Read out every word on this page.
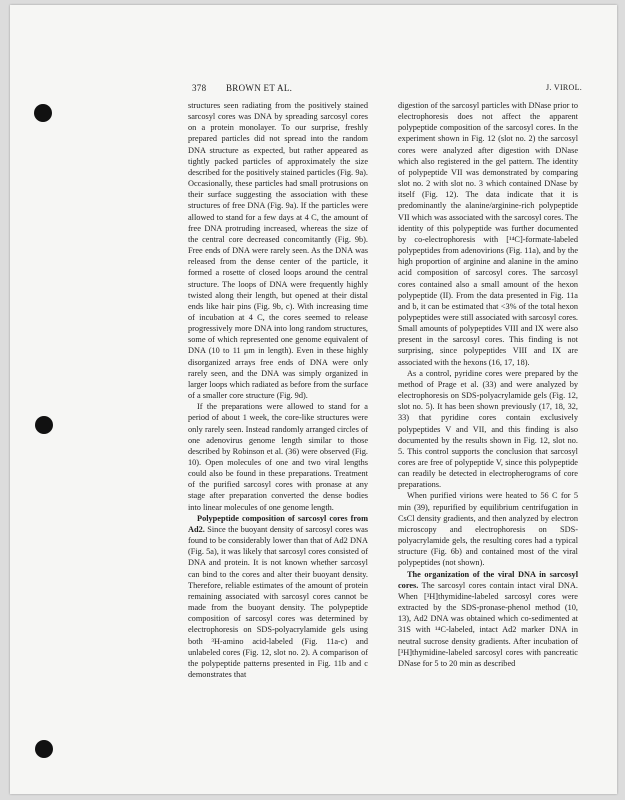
378 BROWN ET AL.	J. VIROL.

structures seen radiating from the positively stained sarcosyl cores was DNA by spreading sarcosyl cores on a protein monolayer. To our surprise, freshly prepared particles did not spread into the random DNA structure as expected, but rather appeared as tightly packed particles of approximately the size described for the positively stained particles (Fig. 9a). Occasionally, these particles had small protrusions on their surface suggesting the association with these structures of free DNA (Fig. 9a). If the particles were allowed to stand for a few days at 4 C, the amount of free DNA protruding increased, whereas the size of the central core decreased concomitantly (Fig. 9b). Free ends of DNA were rarely seen. As the DNA was released from the dense center of the particle, it formed a rosette of closed loops around the central structure. The loops of DNA were frequently highly twisted along their length, but opened at their distal ends like hair pins (Fig. 9b, c). With increasing time of incubation at 4 C, the cores seemed to release progressively more DNA into long random structures, some of which represented one genome equivalent of DNA (10 to 11 μm in length). Even in these highly disorganized arrays free ends of DNA were only rarely seen, and the DNA was simply organized in larger loops which radiated as before from the surface of a smaller core structure (Fig. 9d).

If the preparations were allowed to stand for a period of about 1 week, the core-like structures were only rarely seen. Instead randomly arranged circles of one adenovirus genome length similar to those described by Robinson et al. (36) were observed (Fig. 10). Open molecules of one and two viral lengths could also be found in these preparations. Treatment of the purified sarcosyl cores with pronase at any stage after preparation converted the dense bodies into linear molecules of one genome length.

Polypeptide composition of sarcosyl cores from Ad2. Since the buoyant density of sarcosyl cores was found to be considerably lower than that of Ad2 DNA (Fig. 5a), it was likely that sarcosyl cores consisted of DNA and protein. It is not known whether sarcosyl can bind to the cores and alter their buoyant density. Therefore, reliable estimates of the amount of protein remaining associated with sarcosyl cores cannot be made from the buoyant density. The polypeptide composition of sarcosyl cores was determined by electrophoresis on SDS-polyacrylamide gels using both ³H-amino acid-labeled (Fig. 11a-c) and unlabeled cores (Fig. 12, slot no. 2). A comparison of the polypeptide patterns presented in Fig. 11b and c demonstrates that

digestion of the sarcosyl particles with DNase prior to electrophoresis does not affect the apparent polypeptide composition of the sarcosyl cores. In the experiment shown in Fig. 12 (slot no. 2) the sarcosyl cores were analyzed after digestion with DNase which also registered in the gel pattern. The identity of polypeptide VII was demonstrated by comparing slot no. 2 with slot no. 3 which contained DNase by itself (Fig. 12). The data indicate that it is predominantly the alanine/arginine-rich polypeptide VII which was associated with the sarcosyl cores. The identity of this polypeptide was further documented by co-electrophoresis with [¹⁴C]-formate-labeled polypeptides from adenovirions (Fig. 11a), and by the high proportion of arginine and alanine in the amino acid composition of sarcosyl cores. The sarcosyl cores contained also a small amount of the hexon polypeptide (II). From the data presented in Fig. 11a and b, it can be estimated that <3% of the total hexon polypeptides were still associated with sarcosyl cores. Small amounts of polypeptides VIII and IX were also present in the sarcosyl cores. This finding is not surprising, since polypeptides VIII and IX are associated with the hexons (16, 17, 18).

As a control, pyridine cores were prepared by the method of Prage et al. (33) and were analyzed by electrophoresis on SDS-polyacrylamide gels (Fig. 12, slot no. 5). It has been shown previously (17, 18, 32, 33) that pyridine cores contain exclusively polypeptides V and VII, and this finding is also documented by the results shown in Fig. 12, slot no. 5. This control supports the conclusion that sarcosyl cores are free of polypeptide V, since this polypeptide can readily be detected in electropherograms of core preparations.

When purified virions were heated to 56 C for 5 min (39), repurified by equilibrium centrifugation in CsCl density gradients, and then analyzed by electron microscopy and electrophoresis on SDS-polyacrylamide gels, the resulting cores had a typical structure (Fig. 6b) and contained most of the viral polypeptides (not shown).

The organization of the viral DNA in sarcosyl cores. The sarcosyl cores contain intact viral DNA. When [³H]thymidine-labeled sarcosyl cores were extracted by the SDS-pronase-phenol method (10, 13), Ad2 DNA was obtained which co-sedimented at 31S with ¹⁴C-labeled, intact Ad2 marker DNA in neutral sucrose density gradients. After incubation of [³H]thymidine-labeled sarcosyl cores with pancreatic DNase for 5 to 20 min as described
